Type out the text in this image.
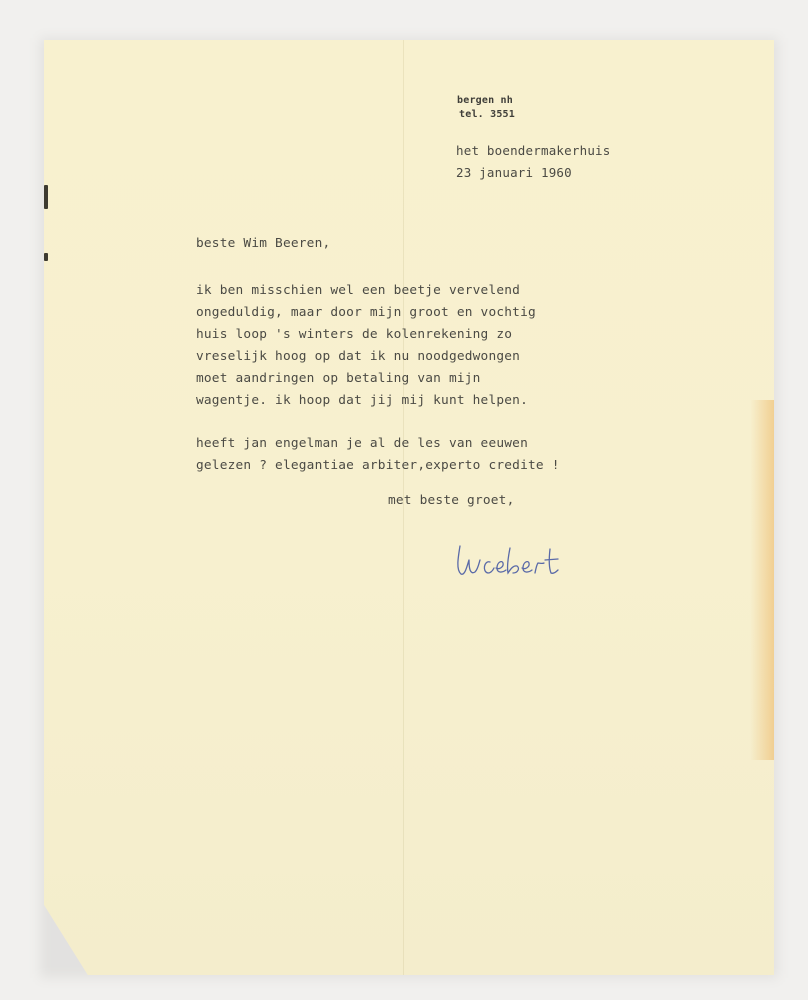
bergen nh
tel. 3551
het boendermakerhuis
23 januari 1960
beste Wim Beeren,
ik ben misschien wel een beetje vervelend
ongeduldig, maar door mijn groot en vochtig
huis loop 's winters de kolenrekening zo
vreselijk hoog op dat ik nu noodgedwongen
moet aandringen op betaling van mijn
wagentje. ik hoop dat jij mij kunt helpen.
heeft jan engelman je al de les van eeuwen
gelezen ? elegantiae arbiter,experto credite !
met beste groet,
